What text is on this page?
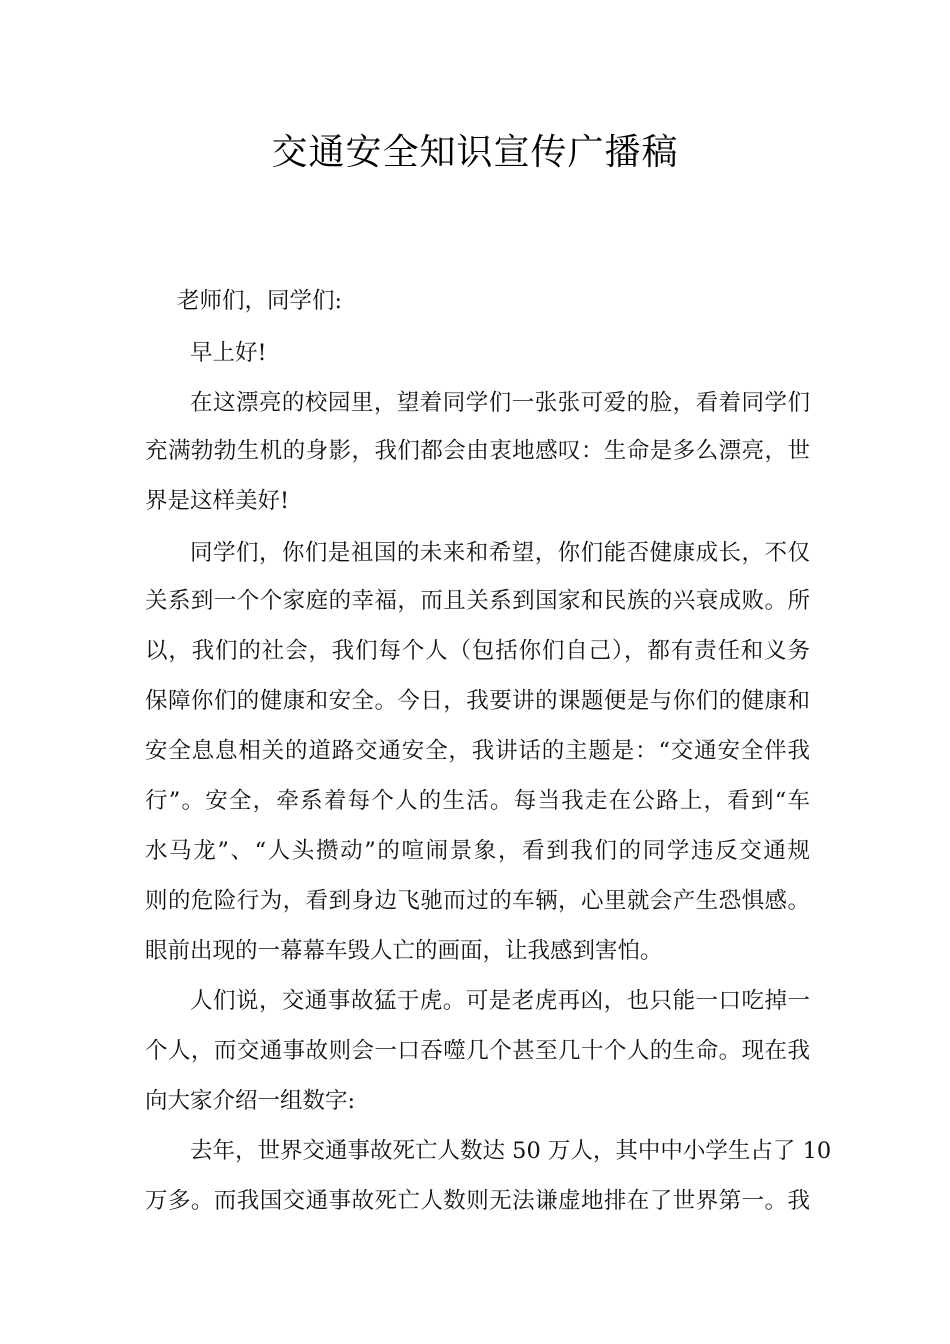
交通安全知识宣传广播稿
老师们，同学们:
早上好!
在这漂亮的校园里，望着同学们一张张可爱的脸，看着同学们
充满勃勃生机的身影，我们都会由衷地感叹：生命是多么漂亮，世
界是这样美好!
同学们，你们是祖国的未来和希望，你们能否健康成长，不仅
关系到一个个家庭的幸福，而且关系到国家和民族的兴衰成败。所
以，我们的社会，我们每个人（包括你们自己），都有责任和义务
保障你们的健康和安全。今日，我要讲的课题便是与你们的健康和
安全息息相关的道路交通安全，我讲话的主题是：“交通安全伴我
行”。安全，牵系着每个人的生活。每当我走在公路上，看到“车
水马龙”、“人头攒动”的喧闹景象，看到我们的同学违反交通规
则的危险行为，看到身边飞驰而过的车辆，心里就会产生恐惧感。
眼前出现的一幕幕车毁人亡的画面，让我感到害怕。
人们说，交通事故猛于虎。可是老虎再凶，也只能一口吃掉一
个人，而交通事故则会一口吞噬几个甚至几十个人的生命。现在我
向大家介绍一组数字:
去年，世界交通事故死亡人数达 50 万人，其中中小学生占了 10
万多。而我国交通事故死亡人数则无法谦虚地排在了世界第一。我
